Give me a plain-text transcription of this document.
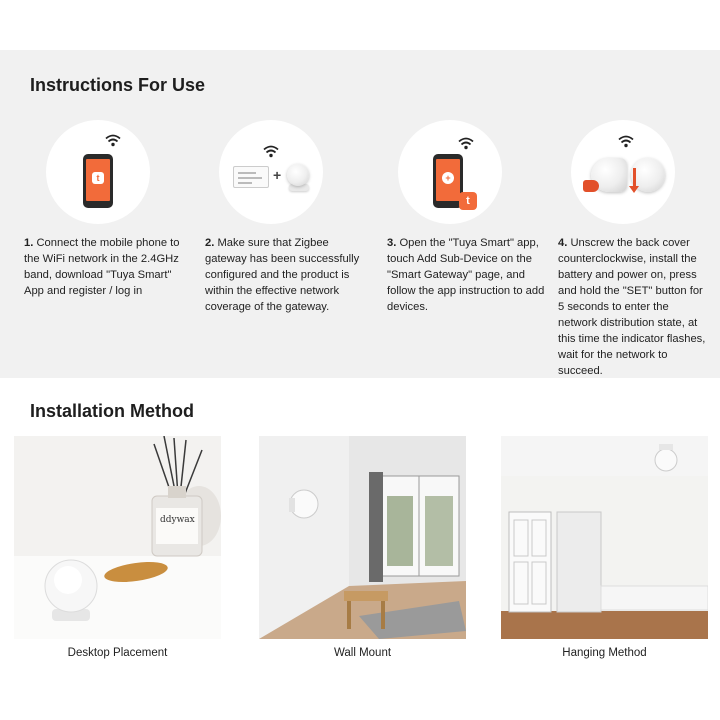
Instructions For Use
t	+	+
t
1. Connect the mobile phone to the WiFi network in the 2.4GHz band, download "Tuya Smart" App and register / log in
2. Make sure that Zigbee gateway has been successfully configured and the product is within the effective network coverage of the gateway.
3. Open the "Tuya Smart" app, touch Add Sub-Device on the "Smart Gateway" page, and follow the app instruction to add devices.
4. Unscrew the back cover counterclockwise, install the battery and power on, press and hold the "SET" button for 5 seconds to enter the network distribution state, at this time the indicator flashes, wait for the network to succeed.
Installation Method
ddywax
Desktop Placement	Wall Mount	Hanging Method
